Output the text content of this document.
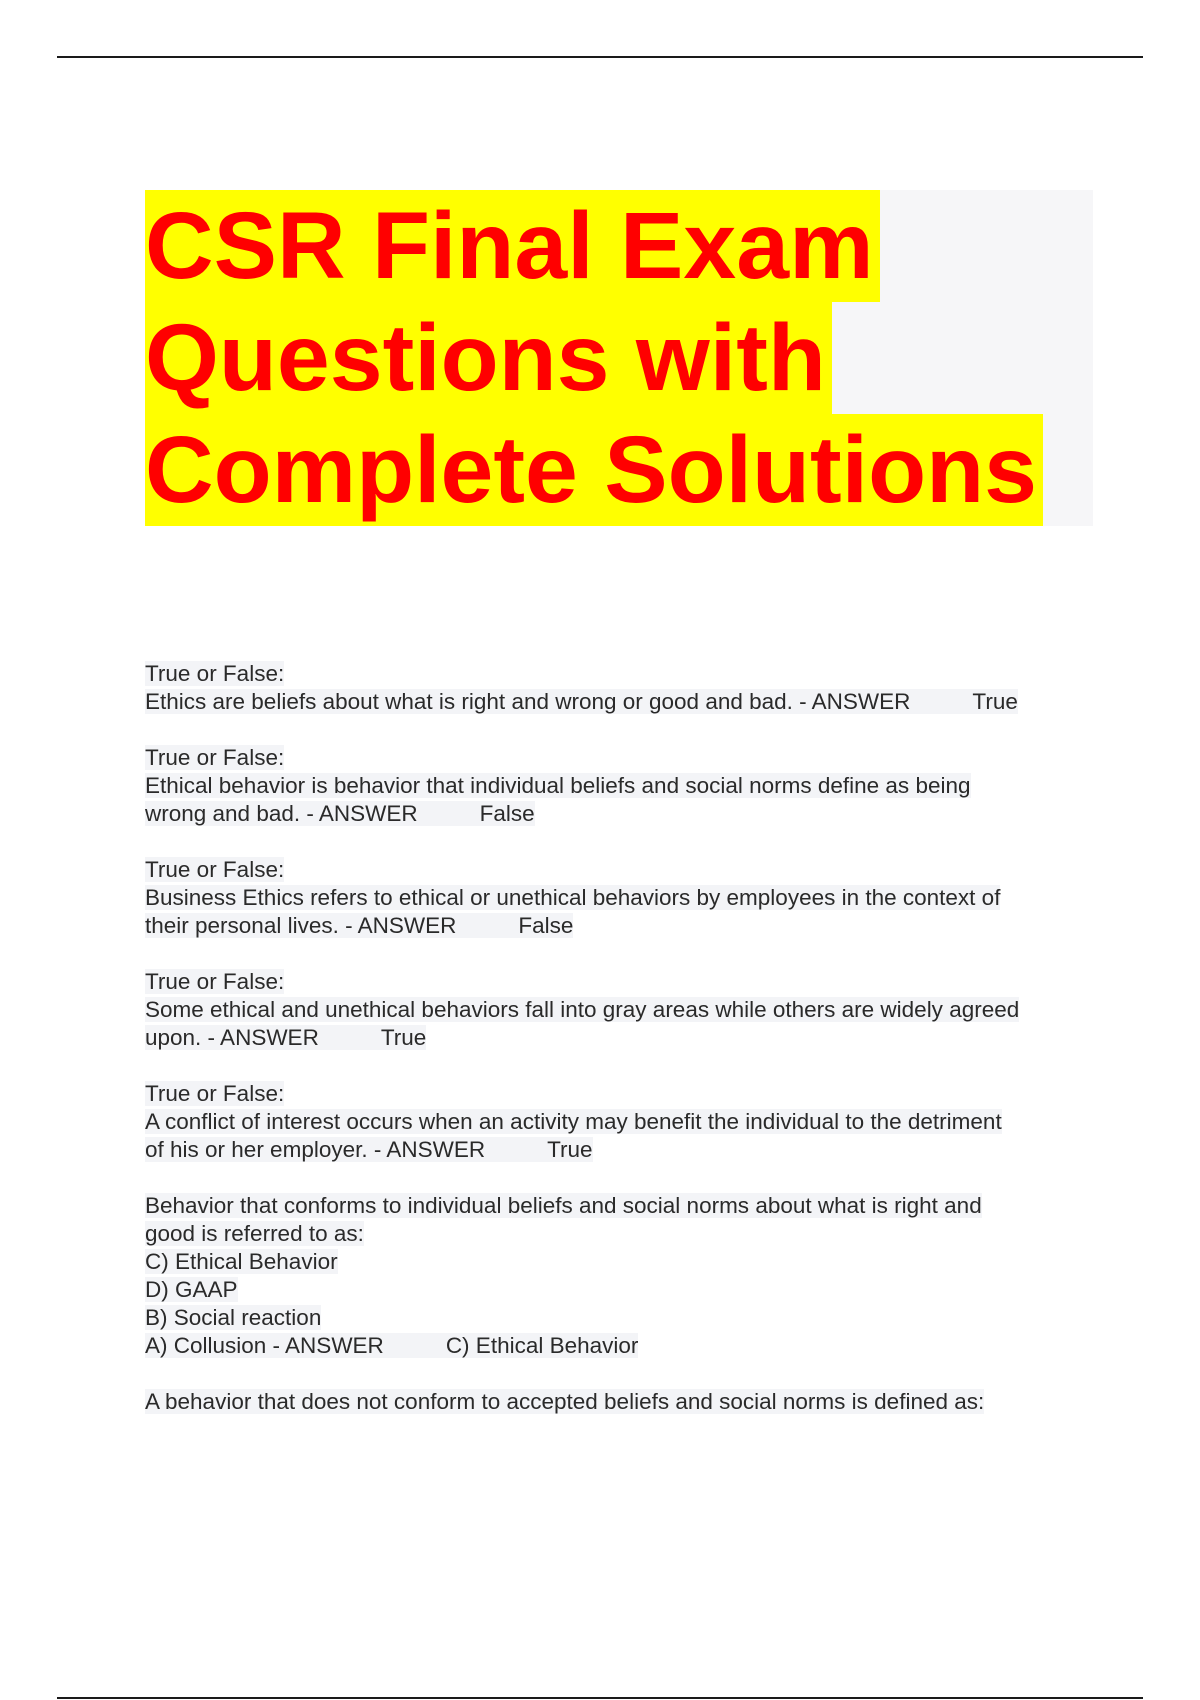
CSR Final Exam
Questions with
Complete Solutions
True or False:
Ethics are beliefs about what is right and wrong or good and bad. - ANSWER	True
True or False:
Ethical behavior is behavior that individual beliefs and social norms define as being
wrong and bad. - ANSWER	False
True or False:
Business Ethics refers to ethical or unethical behaviors by employees in the context of
their personal lives. - ANSWER	False
True or False:
Some ethical and unethical behaviors fall into gray areas while others are widely agreed
upon. - ANSWER	True
True or False:
A conflict of interest occurs when an activity may benefit the individual to the detriment
of his or her employer. - ANSWER	True
Behavior that conforms to individual beliefs and social norms about what is right and
good is referred to as:
C) Ethical Behavior
D) GAAP
B) Social reaction
A) Collusion - ANSWER	C) Ethical Behavior
A behavior that does not conform to accepted beliefs and social norms is defined as:
